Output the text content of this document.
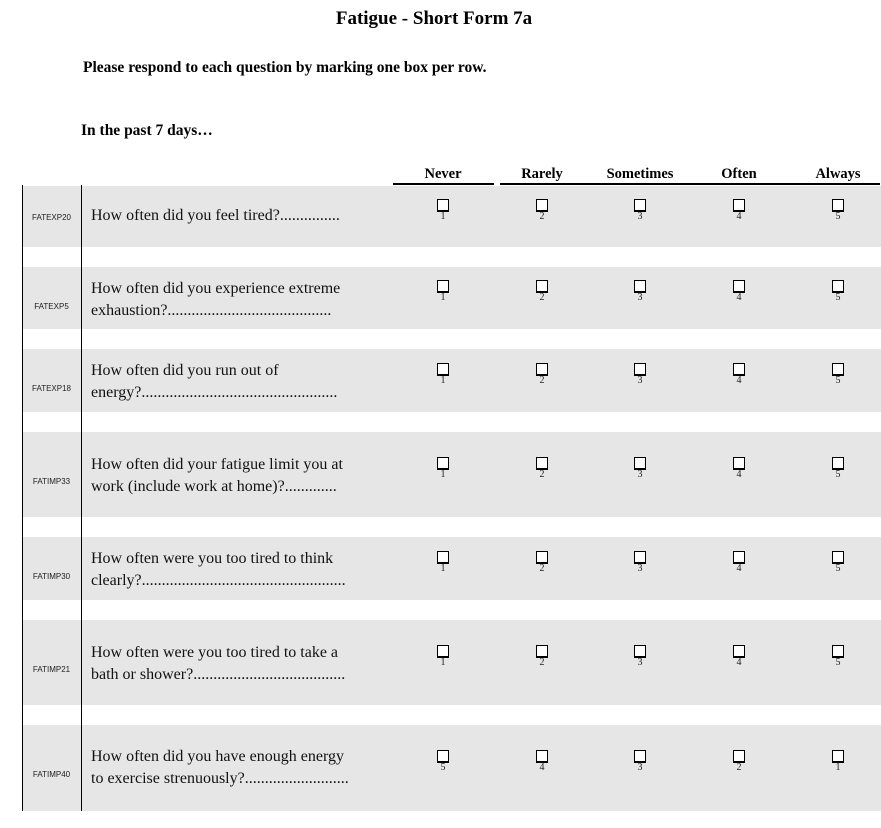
Fatigue - Short Form 7a
Please respond to each question by marking one box per row.
In the past 7 days…
Never	Rarely	Sometimes	Often	Always
FATEXP20	How often did you feel tired?...............	1	2	3	4	5
FATEXP5
How often did you experience extreme
exhaustion?.........................................
1	2	3	4	5
FATEXP18
How often did you run out of
energy?.................................................
1	2	3	4	5
FATIMP33
How often did your fatigue limit you at
work (include work at home)?.............
1	2	3	4	5
FATIMP30
How often were you too tired to think
clearly?...................................................
1	2	3	4	5
FATIMP21
How often were you too tired to take a
bath or shower?......................................
1	2	3	4	5
FATIMP40
How often did you have enough energy
to exercise strenuously?..........................
5	4	3	2	1
